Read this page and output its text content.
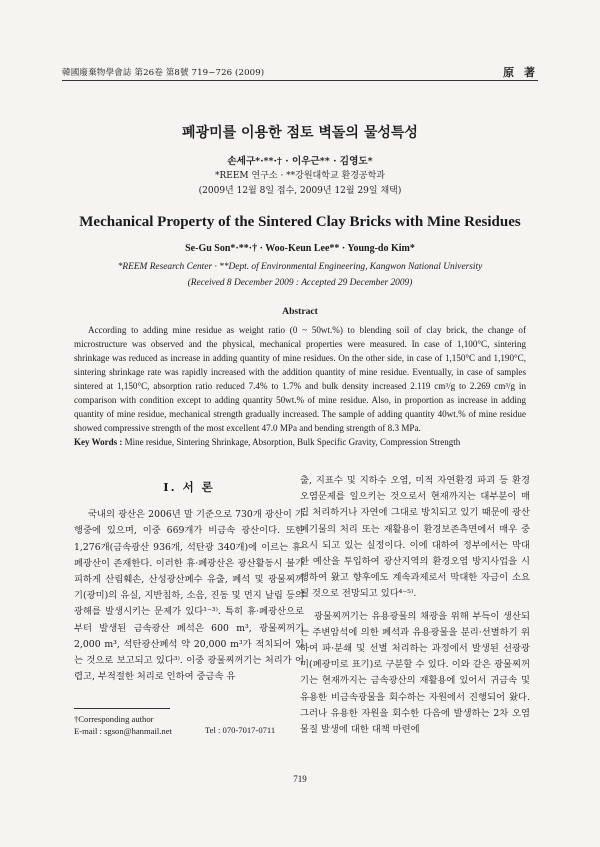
韓國廢棄物學會誌 第26卷 第8號 719~726 (2009)	原 著
폐광미를 이용한 점토 벽돌의 물성특성
손세구*·**·† · 이우근** · 김영도*
*REEM 연구소 · **강원대학교 환경공학과
(2009년 12월 8일 접수, 2009년 12월 29일 채택)
Mechanical Property of the Sintered Clay Bricks with Mine Residues
Se-Gu Son*·**·† · Woo-Keun Lee** · Young-do Kim*
*REEM Research Center · **Dept. of Environmental Engineering, Kangwon National University
(Received 8 December 2009 : Accepted 29 December 2009)
Abstract

According to adding mine residue as weight ratio (0 ~ 50wt.%) to blending soil of clay brick, the change of microstructure was observed and the physical, mechanical properties were measured. In case of 1,100°C, sintering shrinkage was reduced as increase in adding quantity of mine residues. On the other side, in case of 1,150°C and 1,190°C, sintering shrinkage rate was rapidly increased with the addition quantity of mine residue. Eventually, in case of samples sintered at 1,150°C, absorption ratio reduced 7.4% to 1.7% and bulk density increased 2.119 cm³/g to 2.269 cm³/g in comparison with condition except to adding quantity 50wt.% of mine residue. Also, in proportion as increase in adding quantity of mine residue, mechanical strength gradually increased. The sample of adding quantity 40wt.% of mine residue showed compressive strength of the most excellent 47.0 MPa and bending strength of 8.3 MPa.

Key Words : Mine residue, Sintering Shrinkage, Absorption, Bulk Specific Gravity, Compression Strength
I. 서 론

국내의 광산은 2006년 말 기준으로 730개 광산이 가행중에 있으며, 이중 669개가 비금속 광산이다. 또한 1,276개(금속광산 936개, 석탄광 340개)에 이르는 휴·폐광산이 존재한다. 이러한 휴·폐광산은 광산활동시 불가피하게 산림훼손, 산성광산폐수 유출, 폐석 및 광물찌꺼기(광미)의 유실, 지반침하, 소음, 진동 및 먼지 날림 등의 광해를 발생시키는 문제가 있다¹⁻³⁾. 특히 휴·폐광산으로부터 발생된 금속광산 폐석은 600 m³, 광물찌꺼기 2,000 m³, 석탄광산폐석 약 20,000 m³가 적치되어 있는 것으로 보고되고 있다³⁾. 이중 광물찌꺼기는 처리가 어렵고, 부적절한 처리로 인하여 중금속 유

출, 지표수 및 지하수 오염, 미적 자연환경 파괴 등 환경오염문제를 일으키는 것으로서 현재까지는 대부분이 매립 처리하거나 자연에 그대로 방치되고 있기 때문에 광산폐기물의 처리 또는 재활용이 환경보존측면에서 매우 중요시 되고 있는 실정이다. 이에 대하여 정부에서는 막대한 예산을 투입하여 광산지역의 환경오염 방지사업을 시행하여 왔고 향후에도 계속과제로서 막대한 자금이 소요될 것으로 전망되고 있다⁴⁻⁵⁾.

광물찌꺼기는 유용광물의 채광을 위해 부득이 생산되는 주변암석에 의한 폐석과 유용광물을 분리·선별하기 위하여 파·분쇄 및 선별 처리하는 과정에서 발생된 선광광미(폐광미로 표기)로 구분할 수 있다. 이와 같은 광물찌꺼기는 현재까지는 금속광산의 재활용에 있어서 귀금속 및 유용한 비금속광물을 회수하는 자원에서 진행되어 왔다. 그러나 유용한 자원을 회수한 다음에 발생하는 2차 오염물질 발생에 대한 대책 마련에

†Corresponding author
E-mail : sgson@hanmail.net	Tel : 070-7017-0711
719
